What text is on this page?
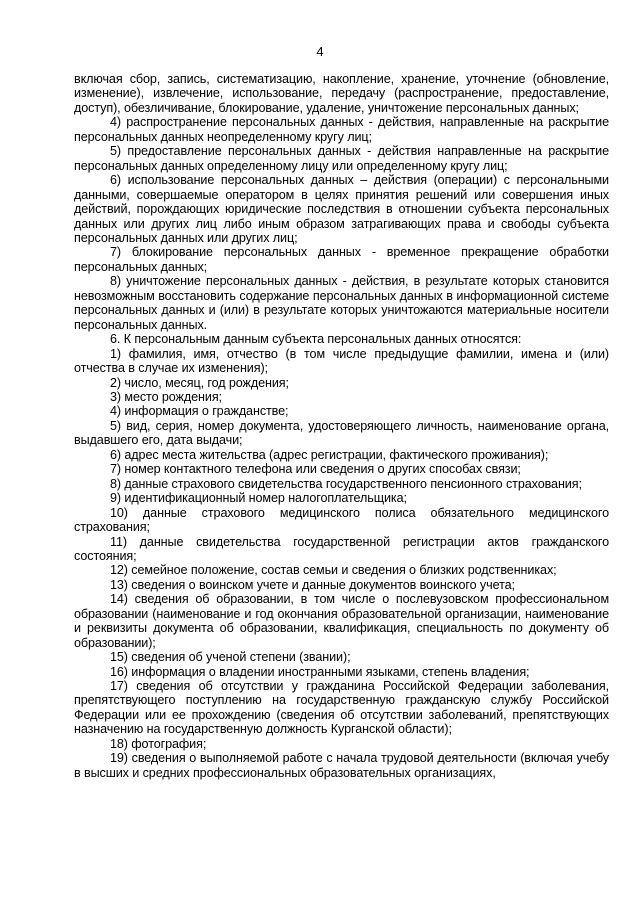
4

включая сбор, запись, систематизацию, накопление, хранение, уточнение (обновление, изменение), извлечение, использование, передачу (распространение, предоставление, доступ), обезличивание, блокирование, удаление, уничтожение персональных данных;

4) распространение персональных данных - действия, направленные на раскрытие персональных данных неопределенному кругу лиц;

5) предоставление персональных данных - действия направленные на раскрытие персональных данных определенному лицу или определенному кругу лиц;

6) использование персональных данных – действия (операции) с персональными данными, совершаемые оператором в целях принятия решений или совершения иных действий, порождающих юридические последствия в отношении субъекта персональных данных или других лиц либо иным образом затрагивающих права и свободы субъекта персональных данных или других лиц;

7) блокирование персональных данных - временное прекращение обработки персональных данных;

8) уничтожение персональных данных - действия, в результате которых становится невозможным восстановить содержание персональных данных в информационной системе персональных данных и (или) в результате которых уничтожаются материальные носители персональных данных.

6. К персональным данным субъекта персональных данных относятся:

1) фамилия, имя, отчество (в том числе предыдущие фамилии, имена и (или) отчества в случае их изменения);

2) число, месяц, год рождения;

3) место рождения;

4) информация о гражданстве;

5) вид, серия, номер документа, удостоверяющего личность, наименование органа, выдавшего его, дата выдачи;

6) адрес места жительства (адрес регистрации, фактического проживания);

7) номер контактного телефона или сведения о других способах связи;

8) данные страхового свидетельства государственного пенсионного страхования;

9) идентификационный номер налогоплательщика;

10) данные страхового медицинского полиса обязательного медицинского страхования;

11) данные свидетельства государственной регистрации актов гражданского состояния;

12) семейное положение, состав семьи и сведения о близких родственниках;

13) сведения о воинском учете и данные документов воинского учета;

14) сведения об образовании, в том числе о послевузовском профессиональном образовании (наименование и год окончания образовательной организации, наименование и реквизиты документа об образовании, квалификация, специальность по документу об образовании);

15) сведения об ученой степени (звании);

16) информация о владении иностранными языками, степень владения;

17) сведения об отсутствии у гражданина Российской Федерации заболевания, препятствующего поступлению на государственную гражданскую службу Российской Федерации или ее прохождению (сведения об отсутствии заболеваний, препятствующих назначению на государственную должность Курганской области);

18) фотография;

19) сведения о выполняемой работе с начала трудовой деятельности (включая учебу в высших и средних профессиональных образовательных организациях,
